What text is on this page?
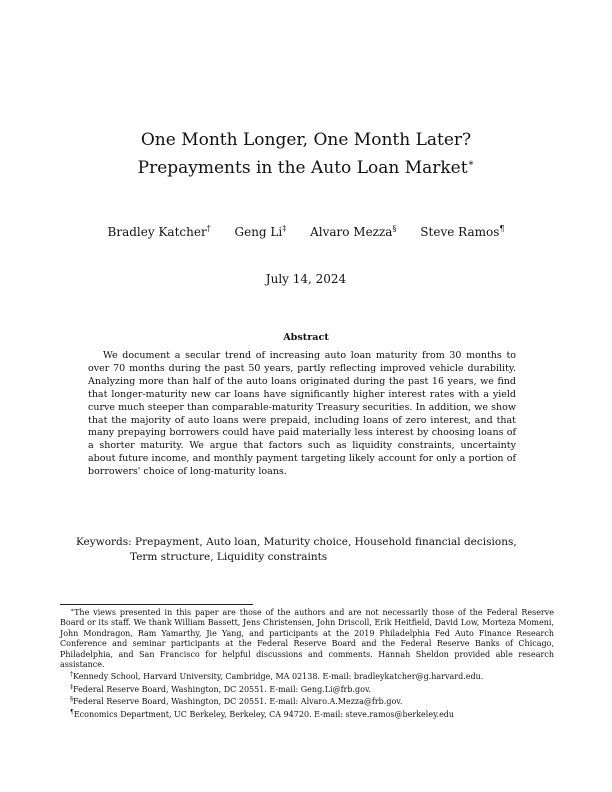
One Month Longer, One Month Later?
Prepayments in the Auto Loan Market∗
Bradley Katcher† Geng Li‡ Alvaro Mezza§ Steve Ramos¶
July 14, 2024
Abstract

We document a secular trend of increasing auto loan maturity from 30 months to over 70 months during the past 50 years, partly reflecting improved vehicle durability. Analyzing more than half of the auto loans originated during the past 16 years, we find that longer-maturity new car loans have significantly higher interest rates with a yield curve much steeper than comparable-maturity Treasury securities. In addition, we show that the majority of auto loans were prepaid, including loans of zero interest, and that many prepaying borrowers could have paid materially less interest by choosing loans of a shorter maturity. We argue that factors such as liquidity constraints, uncertainty about future income, and monthly payment targeting likely account for only a portion of borrowers' choice of long-maturity loans.

Keywords: Prepayment, Auto loan, Maturity choice, Household financial decisions,
Term structure, Liquidity constraints

∗The views presented in this paper are those of the authors and are not necessarily those of the Federal Reserve Board or its staff. We thank William Bassett, Jens Christensen, John Driscoll, Erik Heitfield, David Low, Morteza Momeni, John Mondragon, Ram Yamarthy, Jie Yang, and participants at the 2019 Philadelphia Fed Auto Finance Research Conference and seminar participants at the Federal Reserve Board and the Federal Reserve Banks of Chicago, Philadelphia, and San Francisco for helpful discussions and comments. Hannah Sheldon provided able research assistance.

†Kennedy School, Harvard University, Cambridge, MA 02138. E-mail: bradleykatcher@g.harvard.edu.

‡Federal Reserve Board, Washington, DC 20551. E-mail: Geng.Li@frb.gov.

§Federal Reserve Board, Washington, DC 20551. E-mail: Alvaro.A.Mezza@frb.gov.

¶Economics Department, UC Berkeley, Berkeley, CA 94720. E-mail: steve.ramos@berkeley.edu
